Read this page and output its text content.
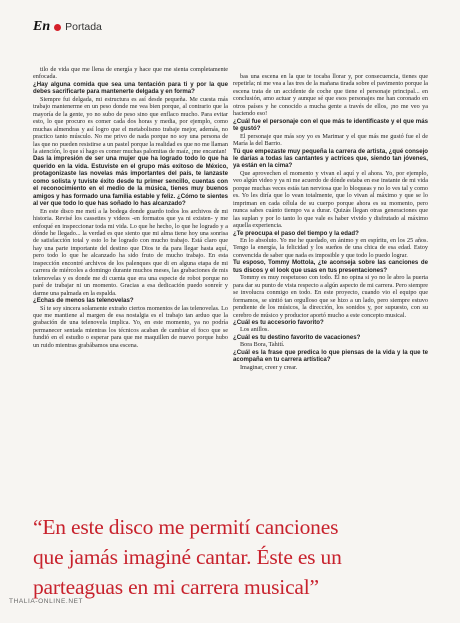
En Portada

tilo de vida que me llena de energía y hace que me sienta completamente enfocada.

¿Hay alguna comida que sea una tentación para ti y por la que debes sacrificarte para mantenerte delgada y en forma?

Siempre fui delgada, mi estructura es así desde pequeña. Me cuesta más trabajo mantenerme en un peso donde me vea bien porque, al contrario que la mayoría de la gente, yo no subo de peso sino que enflaco mucho. Para evitar esto, lo que procuro es comer cada dos horas y media, por ejemplo, como muchas almendras y así logro que el metabolismo trabaje mejor, además, no practico tanto músculo. No me privo de nada porque no soy una persona de las que no pueden resistirse a un pastel porque la realidad es que no me llaman la atención, lo que sí hago es comer muchas palomitas de maíz, ¡me encantan!

Das la impresión de ser una mujer que ha logrado todo lo que ha querido en la vida. Estuviste en el grupo más exitoso de México, protagonizaste las novelas más importantes del país, te lanzaste como solista y tuviste éxito desde tu primer sencillo, cuentas con el reconocimiento en el medio de la música, tienes muy buenos amigos y has formado una familia estable y feliz. ¿Cómo te sientes al ver que todo lo que has soñado lo has alcanzado?

En este disco me metí a la bodega donde guardo todos los archivos de mi historia. Revisé los cassettes y videos -en formatos que ya ni existen- y me enfoqué en inspeccionar toda mi vida. Lo que he hecho, lo que he logrado y a dónde he llegado... la verdad es que siento que mi alma tiene hoy una sonrisa de satisfacción total y esto lo he logrado con mucho trabajo. Está claro que hay una parte importante del destino que Dios te da para llegar hasta aquí, pero todo lo que he alcanzado ha sido fruto de mucho trabajo. En esta inspección encontré archivos de los palenques que di en alguna etapa de mi carrera de miércoles a domingo durante muchos meses, las grabaciones de mis telenovelas y es donde me di cuenta que era una especie de robot porque no paré de trabajar ni un momento. Gracias a esa dedicación puedo sonreír y darme una palmada en la espalda.

¿Echas de menos las telenovelas?

Sí te soy sincera solamente extraño ciertos momentos de las telenovelas. Lo que me mantiene al margen de esa nostalgia es el trabajo tan arduo que la grabación de una telenovela implica. Yo, en este momento, ya no podría permanecer sentada mientras los técnicos acaban de cambiar el foco que se fundió en el estudio o esperar para que me maquillen de nuevo porque hubo un ruido mientras grabábamos una escena.

bas una escena en la que te tocaba llorar y, por consecuencia, tienes que repetirla; ni me vea a las tres de la mañana tirada sobre el pavimento porque la escena trata de un accidente de coche que tiene el personaje principal... en conclusión, amo actuar y aunque sé que esos personajes me han coronado en otros países y he conocido a mucha gente a través de ellos, ¡no me veo ya haciendo eso!

¿Cuál fue el personaje con el que más te identificaste y el que más te gustó?

El personaje que más soy yo es Marimar y el que más me gustó fue el de María la del Barrio.

Tú que empezaste muy pequeña la carrera de artista, ¿qué consejo le darías a todas las cantantes y actrices que, siendo tan jóvenes, ya están en la cima?

Que aprovechen el momento y vivan el aquí y el ahora. Yo, por ejemplo, veo algún video y ya ni me acuerdo de dónde estaba en ese instante de mi vida porque muchas veces estás tan nerviosa que lo bloqueas y no lo ves tal y como es. Yo les diría que lo vean totalmente, que lo vivan al máximo y que se lo impriman en cada célula de su cuerpo porque ahora es su momento, pero nunca sabes cuánto tiempo va a durar. Quizás llegan otras generaciones que las suplan y por lo tanto lo que vale es haber vivido y disfrutado al máximo aquella experiencia.

¿Te preocupa el paso del tiempo y la edad?

En lo absoluto. Yo me he quedado, en ánimo y en espíritu, en los 25 años. Tengo la energía, la felicidad y los sueños de una chica de esa edad. Estoy convencida de saber que nada es imposible y que todo lo puedo lograr.

Tu esposo, Tommy Mottola, ¿te aconseja sobre las canciones de tus discos y el look que usas en tus presentaciones?

Tommy es muy respetuoso con todo. Él no opina si yo no le abro la puerta para dar su punto de vista respecto a algún aspecto de mi carrera. Pero siempre se involucra conmigo en todo. En este proyecto, cuando vio el equipo que formamos, se sintió tan orgulloso que se hizo a un lado, pero siempre estuvo pendiente de los músicos, la dirección, los sonidos y, por supuesto, con su cerebro de músico y productor aportó mucho a este concepto musical.

¿Cuál es tu accesorio favorito?

Los anillos.

¿Cuál es tu destino favorito de vacaciones?

Bora Bora, Tahití.

¿Cuál es la frase que predica lo que piensas de la vida y la que te acompaña en tu carrera artística?

Imaginar, creer y crear.

“En este disco me permití canciones

que jamás imaginé cantar. Éste es un

parteaguas en mi carrera musical”

THALIA-ONLINE.NET
